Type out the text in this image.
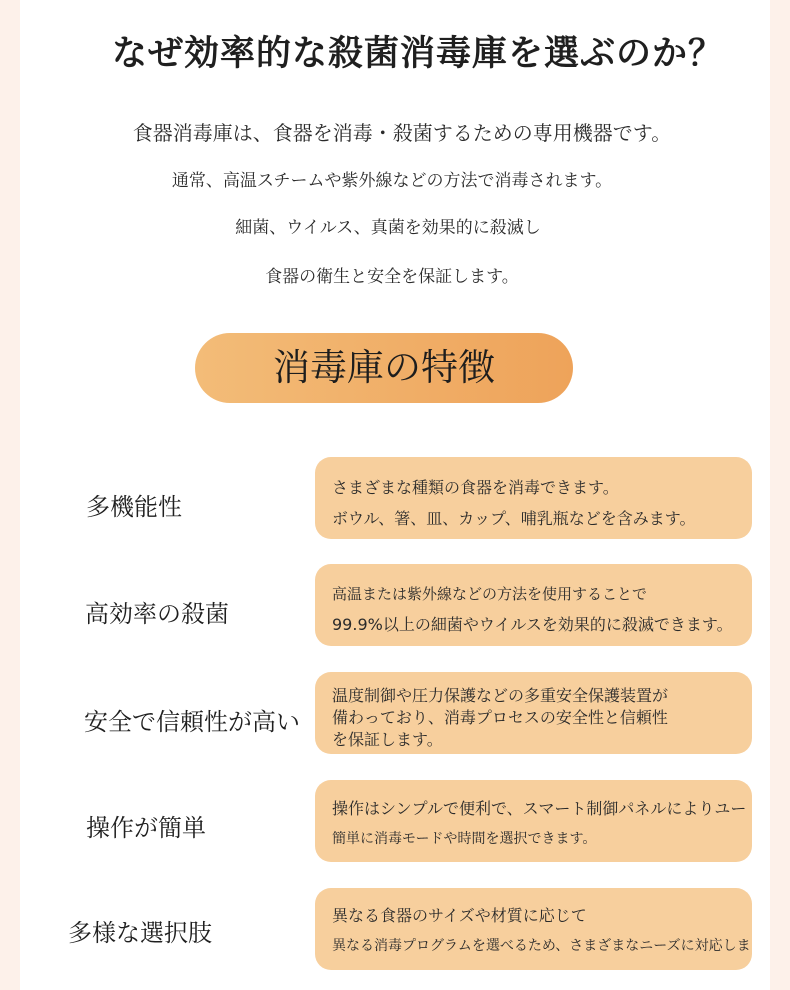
なぜ効率的な殺菌消毒庫を選ぶのか？
食器消毒庫は、食器を消毒・殺菌するための専用機器です。
通常、高温スチームや紫外線などの方法で消毒されます。
細菌、ウイルス、真菌を効果的に殺滅し
食器の衛生と安全を保証します。
消毒庫の特徴
多機能性
さまざまな種類の食器を消毒できます。
ボウル、箸、皿、カップ、哺乳瓶などを含みます。
高効率の殺菌
高温または紫外線などの方法を使用することで
99.9%以上の細菌やウイルスを効果的に殺滅できます。
安全で信頼性が高い
温度制御や圧力保護などの多重安全保護装置が
備わっており、消毒プロセスの安全性と信頼性
を保証します。
操作が簡単
操作はシンプルで便利で、スマート制御パネルによりユー
簡単に消毒モードや時間を選択できます。
多様な選択肢
異なる食器のサイズや材質に応じて
異なる消毒プログラムを選べるため、さまざまなニーズに対応しま
